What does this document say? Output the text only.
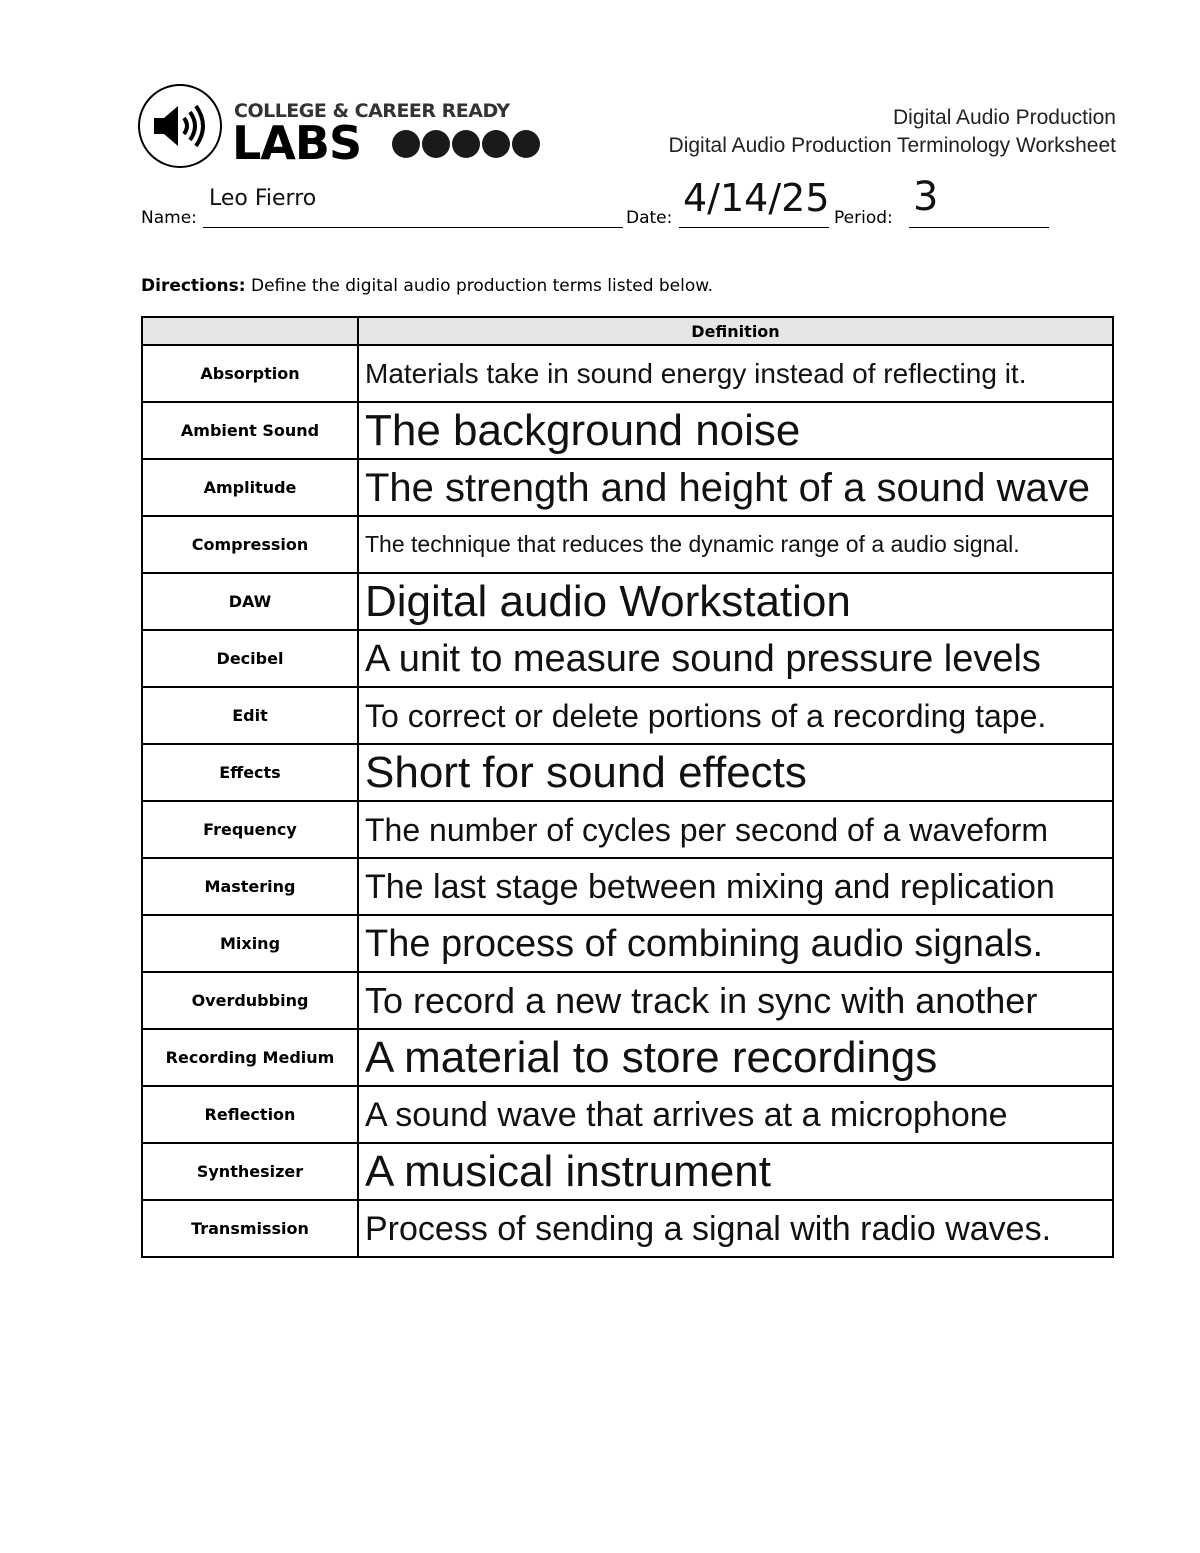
COLLEGE & CAREER READY
LABS	Digital Audio Production
Digital Audio Production Terminology Worksheet
Name:
Leo Fierro
Date: 4/14/25 Period: 3
Directions: Define the digital audio production terms listed below.
	Definition
Absorption	Materials take in sound energy instead of reflecting it.
Ambient Sound	The background noise
Amplitude	The strength and height of a sound wave
Compression	The technique that reduces the dynamic range of a audio signal.
DAW	Digital audio Workstation
Decibel	A unit to measure sound pressure levels
Edit	To correct or delete portions of a recording tape.
Effects	Short for sound effects
Frequency	The number of cycles per second of a waveform
Mastering	The last stage between mixing and replication
Mixing	The process of combining audio signals.
Overdubbing	To record a new track in sync with another
Recording Medium	A material to store recordings
Reflection	A sound wave that arrives at a microphone
Synthesizer	A musical instrument
Transmission	Process of sending a signal with radio waves.
